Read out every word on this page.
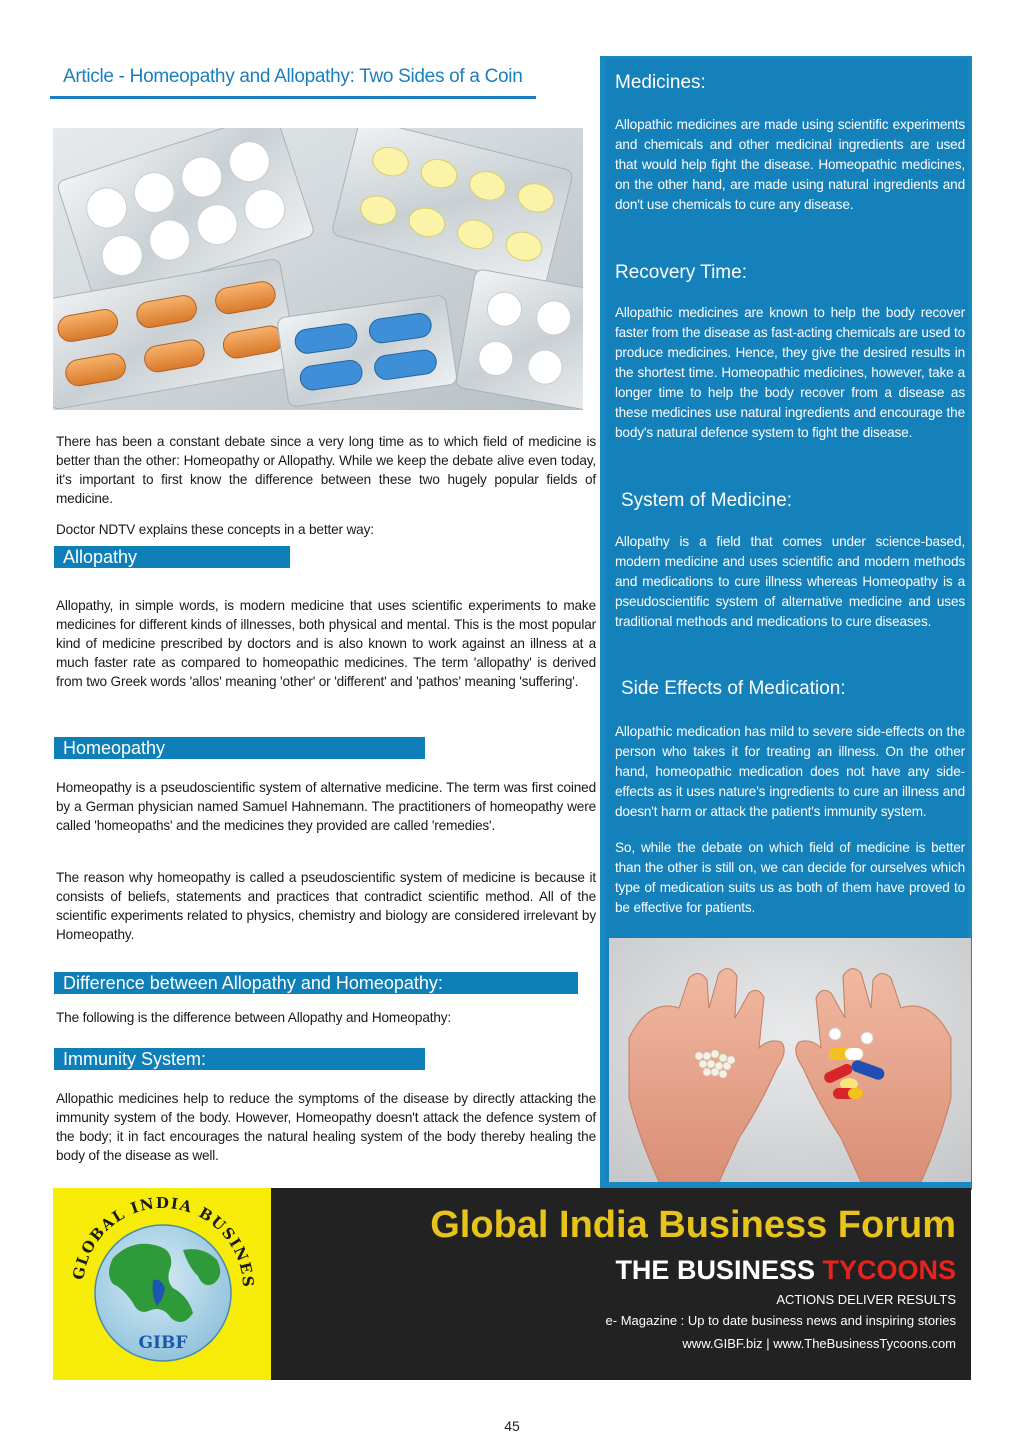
Article - Homeopathy and Allopathy: Two Sides of a Coin
There has been a constant debate since a very long time as to which field of medicine is better than the other: Homeopathy or Allopathy. While we keep the debate alive even today, it's important to first know the difference between these two hugely popular fields of medicine.
Doctor NDTV explains these concepts in a better way:
Allopathy
Allopathy, in simple words, is modern medicine that uses scientific experiments to make medicines for different kinds of illnesses, both physical and mental. This is the most popular kind of medicine prescribed by doctors and is also known to work against an illness at a much faster rate as compared to homeopathic medicines. The term 'allopathy' is derived from two Greek words 'allos' meaning 'other' or 'different' and 'pathos' meaning 'suffering'.
Homeopathy
Homeopathy is a pseudoscientific system of alternative medicine. The term was first coined by a German physician named Samuel Hahnemann. The practitioners of homeopathy were called 'homeopaths' and the medicines they provided are called 'remedies'.
The reason why homeopathy is called a pseudoscientific system of medicine is because it consists of beliefs, statements and practices that contradict scientific method. All of the scientific experiments related to physics, chemistry and biology are considered irrelevant by Homeopathy.
Difference between Allopathy and Homeopathy:
The following is the difference between Allopathy and Homeopathy:
Immunity System:
Allopathic medicines help to reduce the symptoms of the disease by directly attacking the immunity system of the body. However, Homeopathy doesn't attack the defence system of the body; it in fact encourages the natural healing system of the body thereby healing the body of the disease as well.
Medicines:
Allopathic medicines are made using scientific experiments and chemicals and other medicinal ingredients are used that would help fight the disease. Homeopathic medicines, on the other hand, are made using natural ingredients and don't use chemicals to cure any disease.
Recovery Time:
Allopathic medicines are known to help the body recover faster from the disease as fast-acting chemicals are used to produce medicines. Hence, they give the desired results in the shortest time. Homeopathic medicines, however, take a longer time to help the body recover from a disease as these medicines use natural ingredients and encourage the body's natural defence system to fight the disease.
System of Medicine:
Allopathy is a field that comes under science-based, modern medicine and uses scientific and modern methods and medications to cure illness whereas Homeopathy is a pseudoscientific system of alternative medicine and uses traditional methods and medications to cure diseases.
Side Effects of Medication:
Allopathic medication has mild to severe side-effects on the person who takes it for treating an illness. On the other hand, homeopathic medication does not have any side-effects as it uses nature's ingredients to cure an illness and doesn't harm or attack the patient's immunity system.
So, while the debate on which field of medicine is better than the other is still on, we can decide for ourselves which type of medication suits us as both of them have proved to be effective for patients.
GLOBAL INDIA BUSINES
GIBF
Global India Business Forum
THE BUSINESS TYCOONS
ACTIONS DELIVER RESULTS
e- Magazine : Up to date business news and inspiring stories
www.GIBF.biz | www.TheBusinessTycoons.com
45
